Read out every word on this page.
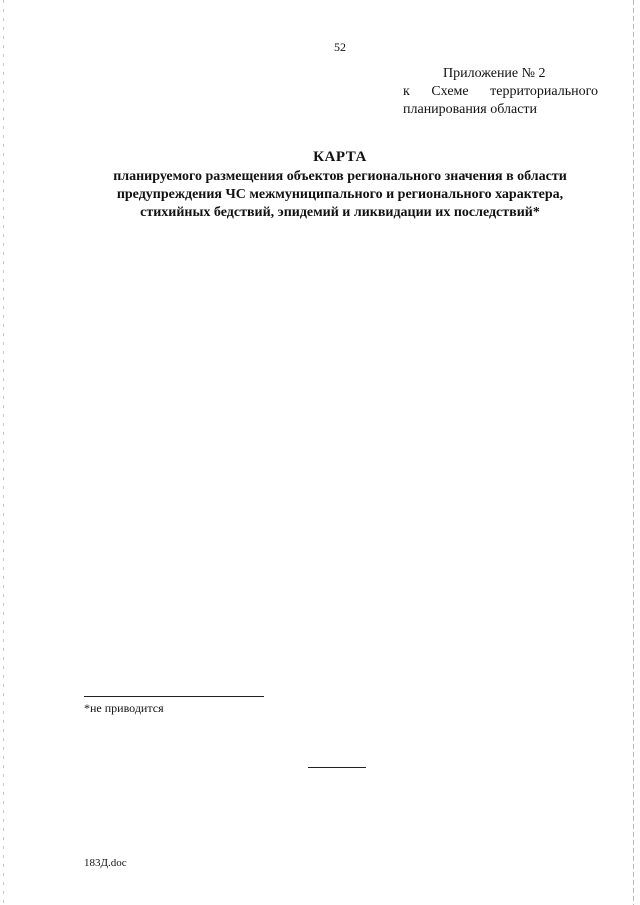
52
Приложение № 2
к Схеме территориального
планирования области
КАРТА
планируемого размещения объектов регионального значения в области
предупреждения ЧС межмуниципального и регионального характера,
стихийных бедствий, эпидемий и ликвидации их последствий*
*не приводится
183Д.doc
